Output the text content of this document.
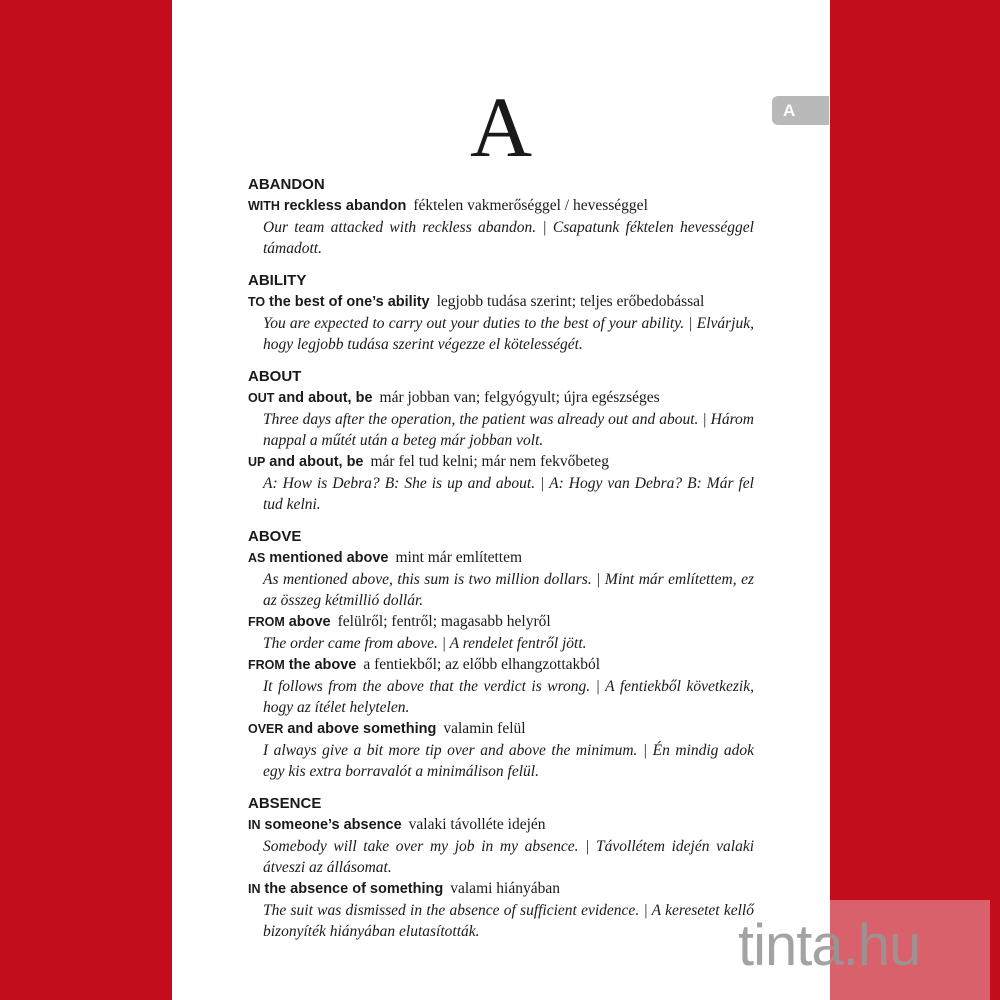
A
A
ABANDON
WITH reckless abandon féktelen vakmerőséggel / hevességgel
Our team attacked with reckless abandon. | Csapatunk féktelen hevességgel támadott.
ABILITY
TO the best of one’s ability legjobb tudása szerint; teljes erőbedobással
You are expected to carry out your duties to the best of your ability. | Elvárjuk, hogy legjobb tudása szerint végezze el kötelességét.
ABOUT
OUT and about, be már jobban van; felgyógyult; újra egészséges
Three days after the operation, the patient was already out and about. | Három nappal a műtét után a beteg már jobban volt.
UP and about, be már fel tud kelni; már nem fekvőbeteg
A: How is Debra? B: She is up and about. | A: Hogy van Debra? B: Már fel tud kelni.
ABOVE
AS mentioned above mint már említettem
As mentioned above, this sum is two million dollars. | Mint már említettem, ez az összeg kétmillió dollár.
FROM above felülről; fentről; magasabb helyről
The order came from above. | A rendelet fentről jött.
FROM the above a fentiekből; az előbb elhangzottakból
It follows from the above that the verdict is wrong. | A fentiekből következik, hogy az ítélet helytelen.
OVER and above something valamin felül
I always give a bit more tip over and above the minimum. | Én mindig adok egy kis extra borravalót a minimálison felül.
ABSENCE
IN someone’s absence valaki távolléte idején
Somebody will take over my job in my absence. | Távollétem idején valaki átveszi az állásomat.
IN the absence of something valami hiányában
The suit was dismissed in the absence of sufficient evidence. | A keresetet kellő bizonyíték hiányában elutasították.	tinta.hu
